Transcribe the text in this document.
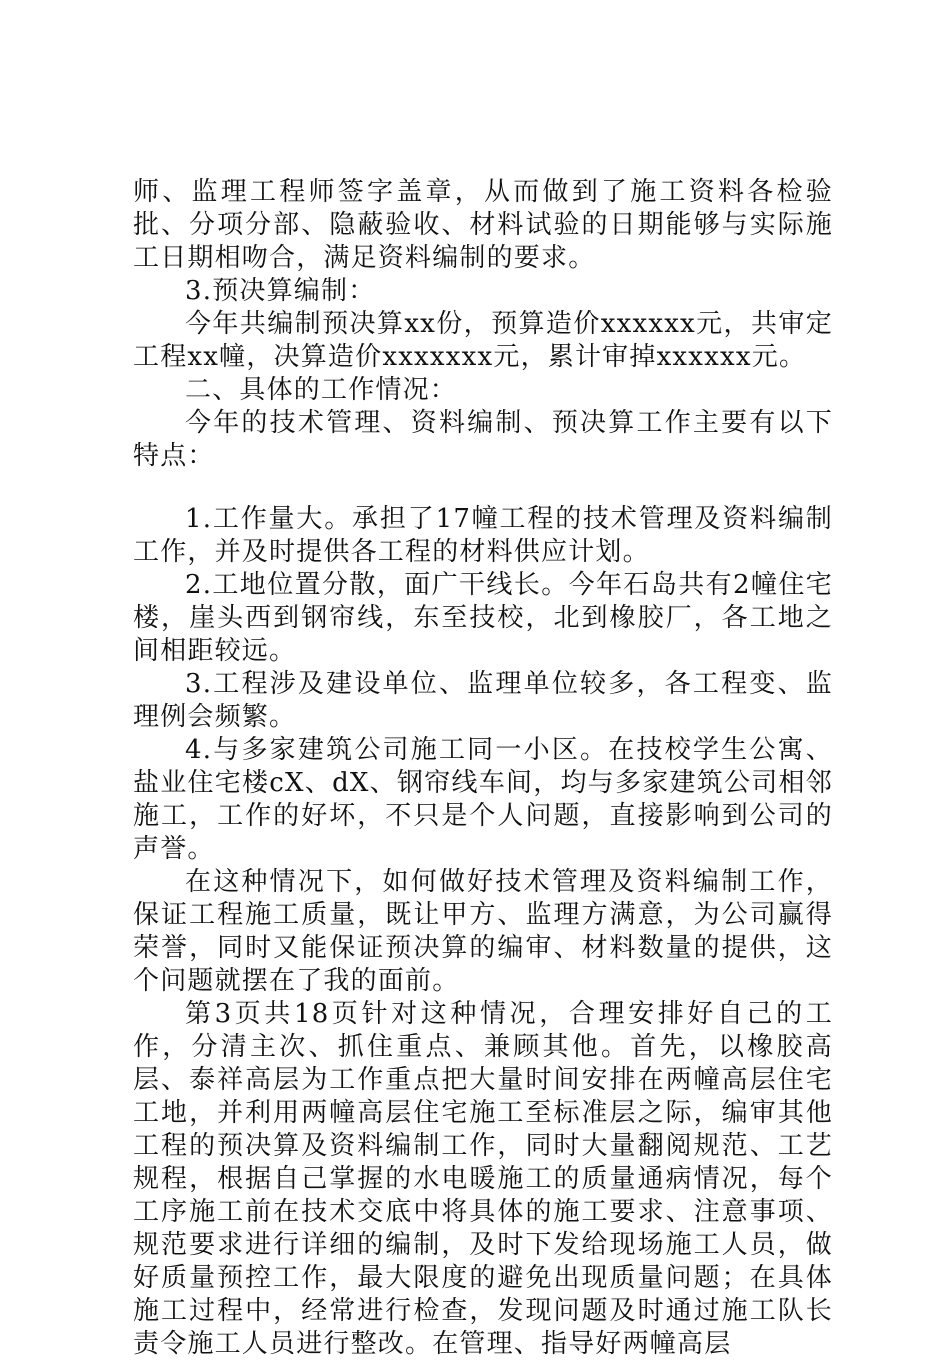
师、监理工程师签字盖章，从而做到了施工资料各检验批、分项分部、隐蔽验收、材料试验的日期能够与实际施工日期相吻合，满足资料编制的要求。

3.预决算编制：

今年共编制预决算xx份，预算造价xxxxxx元，共审定工程xx幢，决算造价xxxxxxx元，累计审掉xxxxxx元。

二、具体的工作情况：

今年的技术管理、资料编制、预决算工作主要有以下特点：

1.工作量大。承担了17幢工程的技术管理及资料编制工作，并及时提供各工程的材料供应计划。

2.工地位置分散，面广干线长。今年石岛共有2幢住宅楼，崖头西到钢帘线，东至技校，北到橡胶厂，各工地之间相距较远。

3.工程涉及建设单位、监理单位较多，各工程变、监理例会频繁。

4.与多家建筑公司施工同一小区。在技校学生公寓、盐业住宅楼cX、dX、钢帘线车间，均与多家建筑公司相邻施工，工作的好坏，不只是个人问题，直接影响到公司的声誉。

在这种情况下，如何做好技术管理及资料编制工作，保证工程施工质量，既让甲方、监理方满意，为公司赢得荣誉，同时又能保证预决算的编审、材料数量的提供，这个问题就摆在了我的面前。

第3页共18页针对这种情况，合理安排好自己的工作，分清主次、抓住重点、兼顾其他。首先，以橡胶高层、泰祥高层为工作重点把大量时间安排在两幢高层住宅工地，并利用两幢高层住宅施工至标准层之际，编审其他工程的预决算及资料编制工作，同时大量翻阅规范、工艺规程，根据自己掌握的水电暖施工的质量通病情况，每个工序施工前在技术交底中将具体的施工要求、注意事项、规范要求进行详细的编制，及时下发给现场施工人员，做好质量预控工作，最大限度的避免出现质量问题；在具体施工过程中，经常进行检查，发现问题及时通过施工队长责令施工人员进行整改。在管理、指导好两幢高层
